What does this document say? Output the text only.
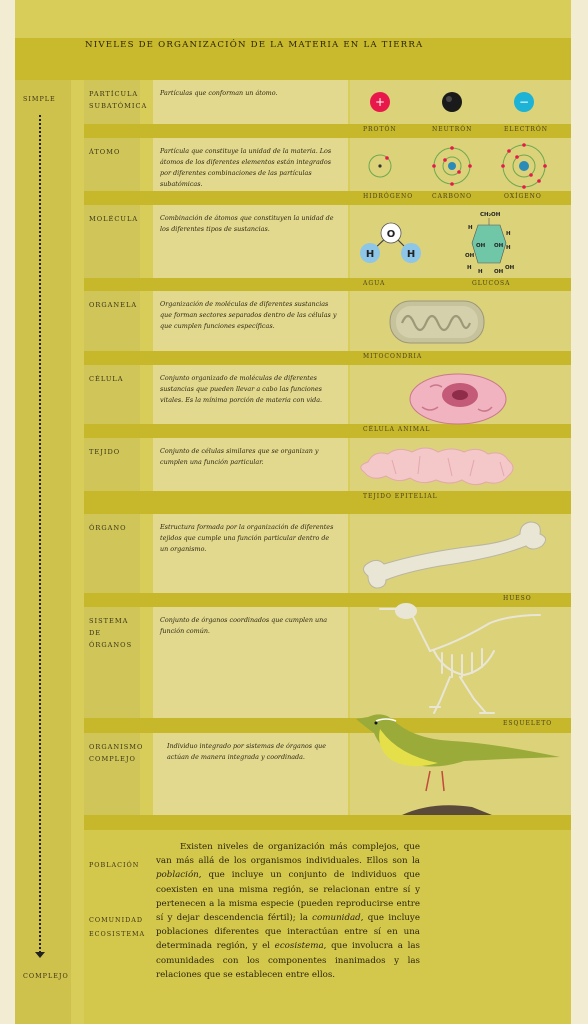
NIVELES DE ORGANIZACIÓN DE LA MATERIA EN LA TIERRA
SIMPLE
COMPLEJO
PARTÍCULA SUBATÓMICA
Partículas que conforman un átomo.
+	−
PROTÓN	NEUTRÓN	ELECTRÓN
ÁTOMO	Partícula que constituye la unidad de la materia. Los átomos de los diferentes elementos están integrados por diferentes combinaciones de las partículas subatómicas.
HIDRÓGENO	CARBONO	OXÍGENO
MOLÉCULA	Combinación de átomos que constituyen la unidad de los diferentes tipos de sustancias.	O
H	H
CH₂OH
H
H
OH OH H
OH
H	OH
H OH
AGUA	GLUCOSA
ORGANELA	Organización de moléculas de diferentes sustancias que forman sectores separados dentro de las células y que cumplen funciones específicas.
MITOCONDRIA
CÉLULA	Conjunto organizado de moléculas de diferentes sustancias que pueden llevar a cabo las funciones vitales. Es la mínima porción de materia con vida.
CÉLULA ANIMAL
TEJIDO	Conjunto de células similares que se organizan y cumplen una función particular.
TEJIDO EPITELIAL
ÓRGANO	Estructura formada por la organización de diferentes tejidos que cumple una función particular dentro de un organismo.
HUESO
SISTEMA DE ÓRGANOS
Conjunto de órganos coordinados que cumplen una función común.
ESQUELETO
ORGANISMO COMPLEJO
Individuo integrado por sistemas de órganos que actúan de manera integrada y coordinada.
POBLACIÓN
COMUNIDAD
ECOSISTEMA
Existen niveles de organización más complejos, que van más allá de los organismos individuales. Ellos son la población, que incluye un conjunto de individuos que coexisten en una misma región, se relacionan entre sí y pertenecen a la misma especie (pueden reproducirse entre sí y dejar descendencia fértil); la comunidad, que incluye poblaciones diferentes que interactúan entre sí en una determinada región, y el ecosistema, que involucra a las comunidades con los componentes inanimados y las relaciones que se establecen entre ellos.
